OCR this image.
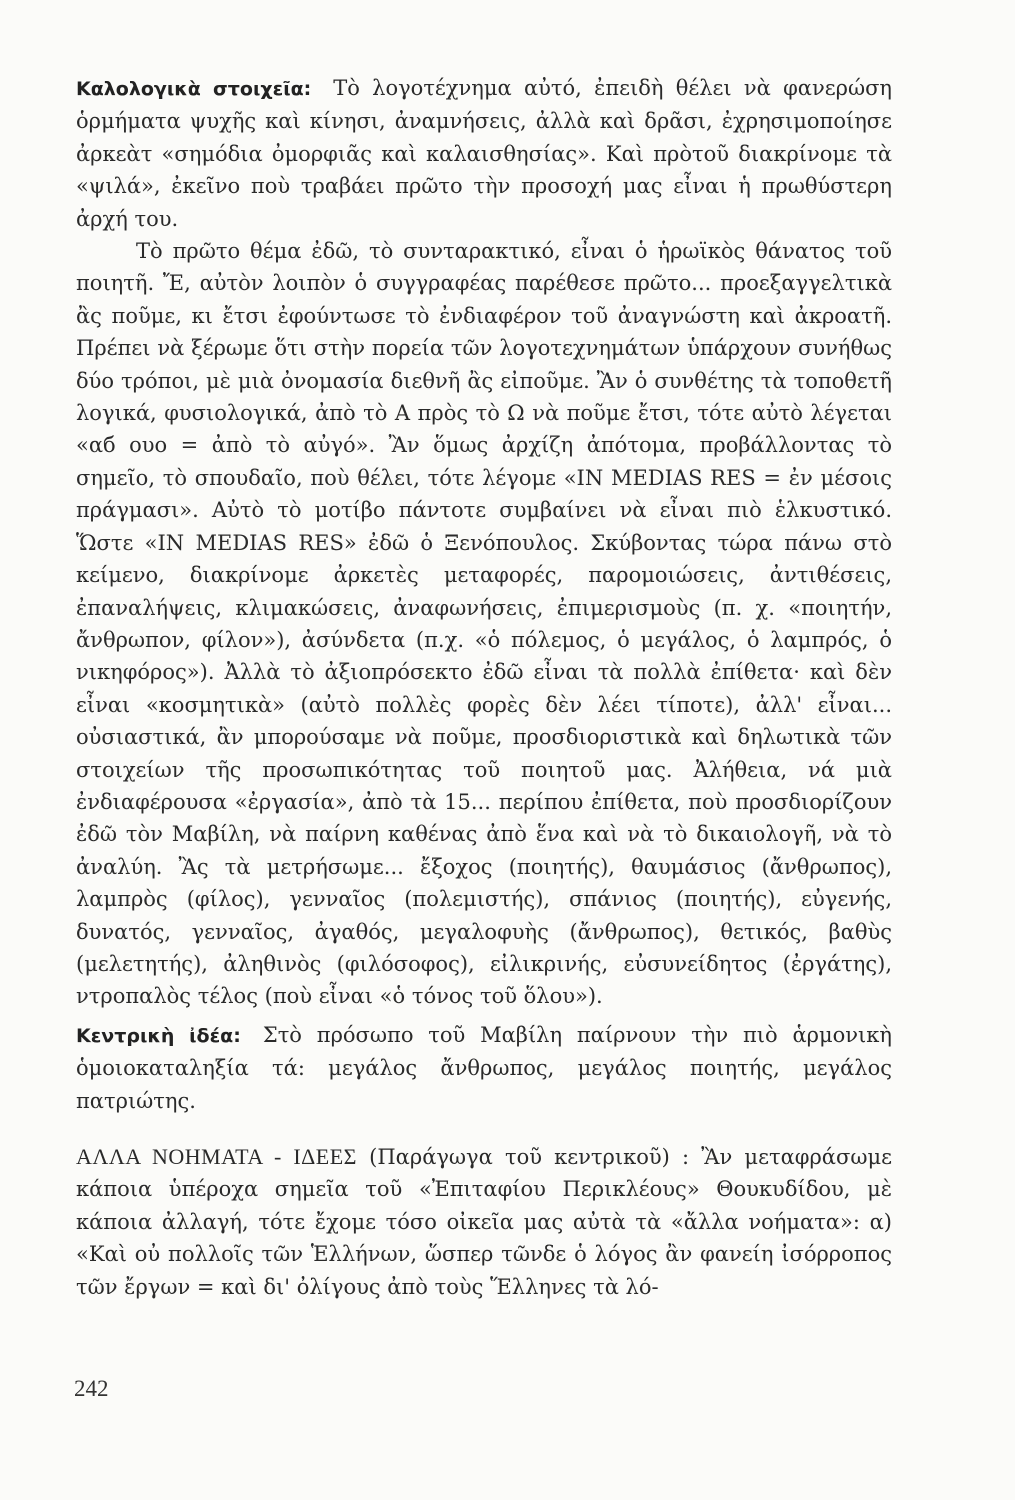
Καλολογικὰ στοιχεῖα: Τὸ λογοτέχνημα αὐτό, ἐπειδὴ θέλει νὰ φανερώση ὁρμήματα ψυχῆς καὶ κίνησι, ἀναμνήσεις, ἀλλὰ καὶ δρᾶσι, ἐχρησιμοποίησε ἀρκεὰτ «σημόδια ὀμορφιᾶς καὶ καλαισθησίας». Καὶ πρὸτοῦ διακρίνομε τὰ «ψιλά», ἐκεῖνο ποὺ τραβάει πρῶτο τὴν προσοχή μας εἶναι ἡ πρωθύστερη ἀρχή του.

Τὸ πρῶτο θέμα ἐδῶ, τὸ συνταρακτικό, εἶναι ὁ ἡρωϊκὸς θάνατος τοῦ ποιητῆ. Ἔ, αὐτὸν λοιπὸν ὁ συγγραφέας παρέθεσε πρῶτο... προεξαγγελτικὰ ἂς ποῦμε, κι ἔτσι ἐφούντωσε τὸ ἐνδιαφέρον τοῦ ἀναγνώστη καὶ ἀκροατῆ. Πρέπει νὰ ξέρωμε ὅτι στὴν πορεία τῶν λογοτεχνημάτων ὑπάρχουν συνήθως δύο τρόποι, μὲ μιὰ ὀνομασία διεθνῆ ἂς εἰποῦμε. Ἂν ὁ συνθέτης τὰ τοποθετῆ λογικά, φυσιολογικά, ἀπὸ τὸ Α πρὸς τὸ Ω νὰ ποῦμε ἔτσι, τότε αὐτὸ λέγεται «αб ουο = ἀπὸ τὸ αὐγό». Ἂν ὅμως ἀρχίζη ἀπότομα, προβάλλοντας τὸ σημεῖο, τὸ σπουδαῖο, ποὺ θέλει, τότε λέγομε «IN MEDIAS RES = ἐν μέσοις πράγμασι». Αὐτὸ τὸ μοτίβο πάντοτε συμβαίνει νὰ εἶναι πιὸ ἑλκυστικό. Ὥστε «IN MEDIAS RES» ἐδῶ ὁ Ξενόπουλος. Σκύβοντας τώρα πάνω στὸ κείμενο, διακρίνομε ἀρκετὲς μεταφορές, παρομοιώσεις, ἀντιθέσεις, ἐπαναλήψεις, κλιμακώσεις, ἀναφωνήσεις, ἐπιμερισμοὺς (π. χ. «ποιητήν, ἄνθρωπον, φίλον»), ἀσύνδετα (π.χ. «ὁ πόλεμος, ὁ μεγάλος, ὁ λαμπρός, ὁ νικηφόρος»). Ἀλλὰ τὸ ἀξιοπρόσεκτο ἐδῶ εἶναι τὰ πολλὰ ἐπίθετα· καὶ δὲν εἶναι «κοσμητικὰ» (αὐτὸ πολλὲς φορὲς δὲν λέει τίποτε), ἀλλ' εἶναι... οὐσιαστικά, ἂν μπορούσαμε νὰ ποῦμε, προσδιοριστικὰ καὶ δηλωτικὰ τῶν στοιχείων τῆς προσωπικότητας τοῦ ποιητοῦ μας. Ἀλήθεια, νά μιὰ ἐνδιαφέρουσα «ἐργασία», ἀπὸ τὰ 15... περίπου ἐπίθετα, ποὺ προσδιορίζουν ἐδῶ τὸν Μαβίλη, νὰ παίρνη καθένας ἀπὸ ἕνα καὶ νὰ τὸ δικαιολογῆ, νὰ τὸ ἀναλύη. Ἂς τὰ μετρήσωμε... ἔξοχος (ποιητής), θαυμάσιος (ἄνθρωπος), λαμπρὸς (φίλος), γενναῖος (πολεμιστής), σπάνιος (ποιητής), εὐγενής, δυνατός, γενναῖος, ἀγαθός, μεγαλοφυὴς (ἄνθρωπος), θετικός, βαθὺς (μελετητής), ἀληθινὸς (φιλόσοφος), εἰλικρινής, εὐσυνείδητος (ἐργάτης), ντροπαλὸς τέλος (ποὺ εἶναι «ὁ τόνος τοῦ ὅλου»).

Κεντρικὴ ἰδέα: Στὸ πρόσωπο τοῦ Μαβίλη παίρνουν τὴν πιὸ ἁρμονικὴ ὁμοιοκαταληξία τά: μεγάλος ἄνθρωπος, μεγάλος ποιητής, μεγάλος πατριώτης.

ΑΛΛΑ ΝΟΗΜΑΤΑ - ΙΔΕΕΣ (Παράγωγα τοῦ κεντρικοῦ) : Ἂν μεταφράσωμε κάποια ὑπέροχα σημεῖα τοῦ «Ἐπιταφίου Περικλέους» Θουκυδίδου, μὲ κάποια ἀλλαγή, τότε ἔχομε τόσο οἰκεῖα μας αὐτὰ τὰ «ἄλλα νοήματα»: α) «Καὶ οὐ πολλοῖς τῶν Ἑλλήνων, ὥσπερ τῶνδε ὁ λόγος ἂν φανείη ἰσόρροπος τῶν ἔργων = καὶ δι' ὀλίγους ἀπὸ τοὺς Ἕλληνες τὰ λό-

242
